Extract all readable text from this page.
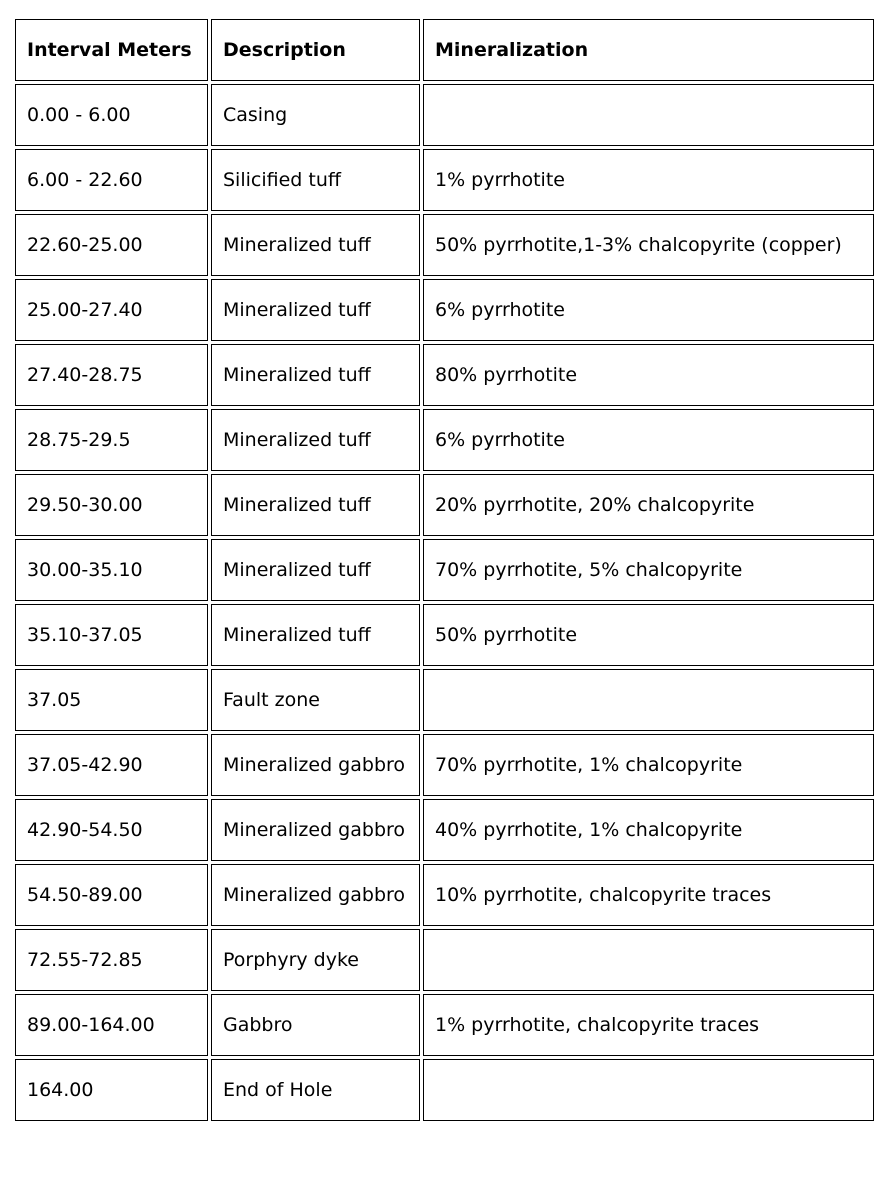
Interval Meters	Description	Mineralization
0.00 - 6.00	Casing	
6.00 - 22.60	Silicified tuff	1% pyrrhotite
22.60-25.00	Mineralized tuff	50% pyrrhotite,1-3% chalcopyrite (copper)
25.00-27.40	Mineralized tuff	6% pyrrhotite
27.40-28.75	Mineralized tuff	80% pyrrhotite
28.75-29.5	Mineralized tuff	6% pyrrhotite
29.50-30.00	Mineralized tuff	20% pyrrhotite, 20% chalcopyrite
30.00-35.10	Mineralized tuff	70% pyrrhotite, 5% chalcopyrite
35.10-37.05	Mineralized tuff	50% pyrrhotite
37.05	Fault zone	
37.05-42.90	Mineralized gabbro	70% pyrrhotite, 1% chalcopyrite
42.90-54.50	Mineralized gabbro	40% pyrrhotite, 1% chalcopyrite
54.50-89.00	Mineralized gabbro	10% pyrrhotite, chalcopyrite traces
72.55-72.85	Porphyry dyke	
89.00-164.00	Gabbro	1% pyrrhotite, chalcopyrite traces
164.00	End of Hole	
